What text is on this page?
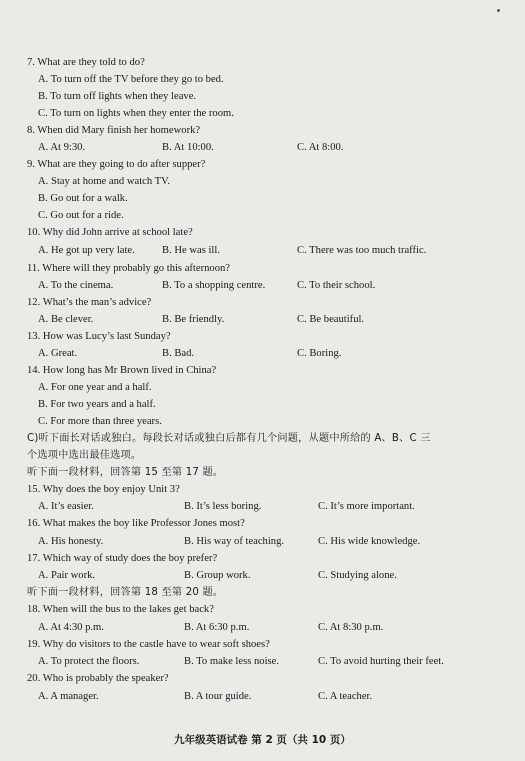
7. What are they told to do?
A. To turn off the TV before they go to bed.
B. To turn off lights when they leave.
C. To turn on lights when they enter the room.
8. When did Mary finish her homework?
A. At 9:30.	B. At 10:00.	C. At 8:00.
9. What are they going to do after supper?
A. Stay at home and watch TV.
B. Go out for a walk.
C. Go out for a ride.
10. Why did John arrive at school late?
A. He got up very late.	B. He was ill.	C. There was too much traffic.
11. Where will they probably go this afternoon?
A. To the cinema.	B. To a shopping centre.	C. To their school.
12. What’s the man’s advice?
A. Be clever.	B. Be friendly.	C. Be beautiful.
13. How was Lucy’s last Sunday?
A. Great.	B. Bad.	C. Boring.
14. How long has Mr Brown lived in China?
A. For one year and a half.
B. For two years and a half.
C. For more than three years.
C)听下面长对话或独白。每段长对话或独白后都有几个问题，从题中所给的 A、B、C 三
个选项中选出最佳选项。
听下面一段材料，回答第 15 至第 17 题。
15. Why does the boy enjoy Unit 3?
A. It’s easier.	B. It’s less boring.	C. It’s more important.
16. What makes the boy like Professor Jones most?
A. His honesty.	B. His way of teaching.	C. His wide knowledge.
17. Which way of study does the boy prefer?
A. Pair work.	B. Group work.	C. Studying alone.
听下面一段材料，回答第 18 至第 20 题。
18. When will the bus to the lakes get back?
A. At 4:30 p.m.	B. At 6:30 p.m.	C. At 8:30 p.m.
19. Why do visitors to the castle have to wear soft shoes?
A. To protect the floors.	B. To make less noise.	C. To avoid hurting their feet.
20. Who is probably the speaker?
A. A manager.	B. A tour guide.	C. A teacher.
九年级英语试卷 第 2 页（共 10 页）
